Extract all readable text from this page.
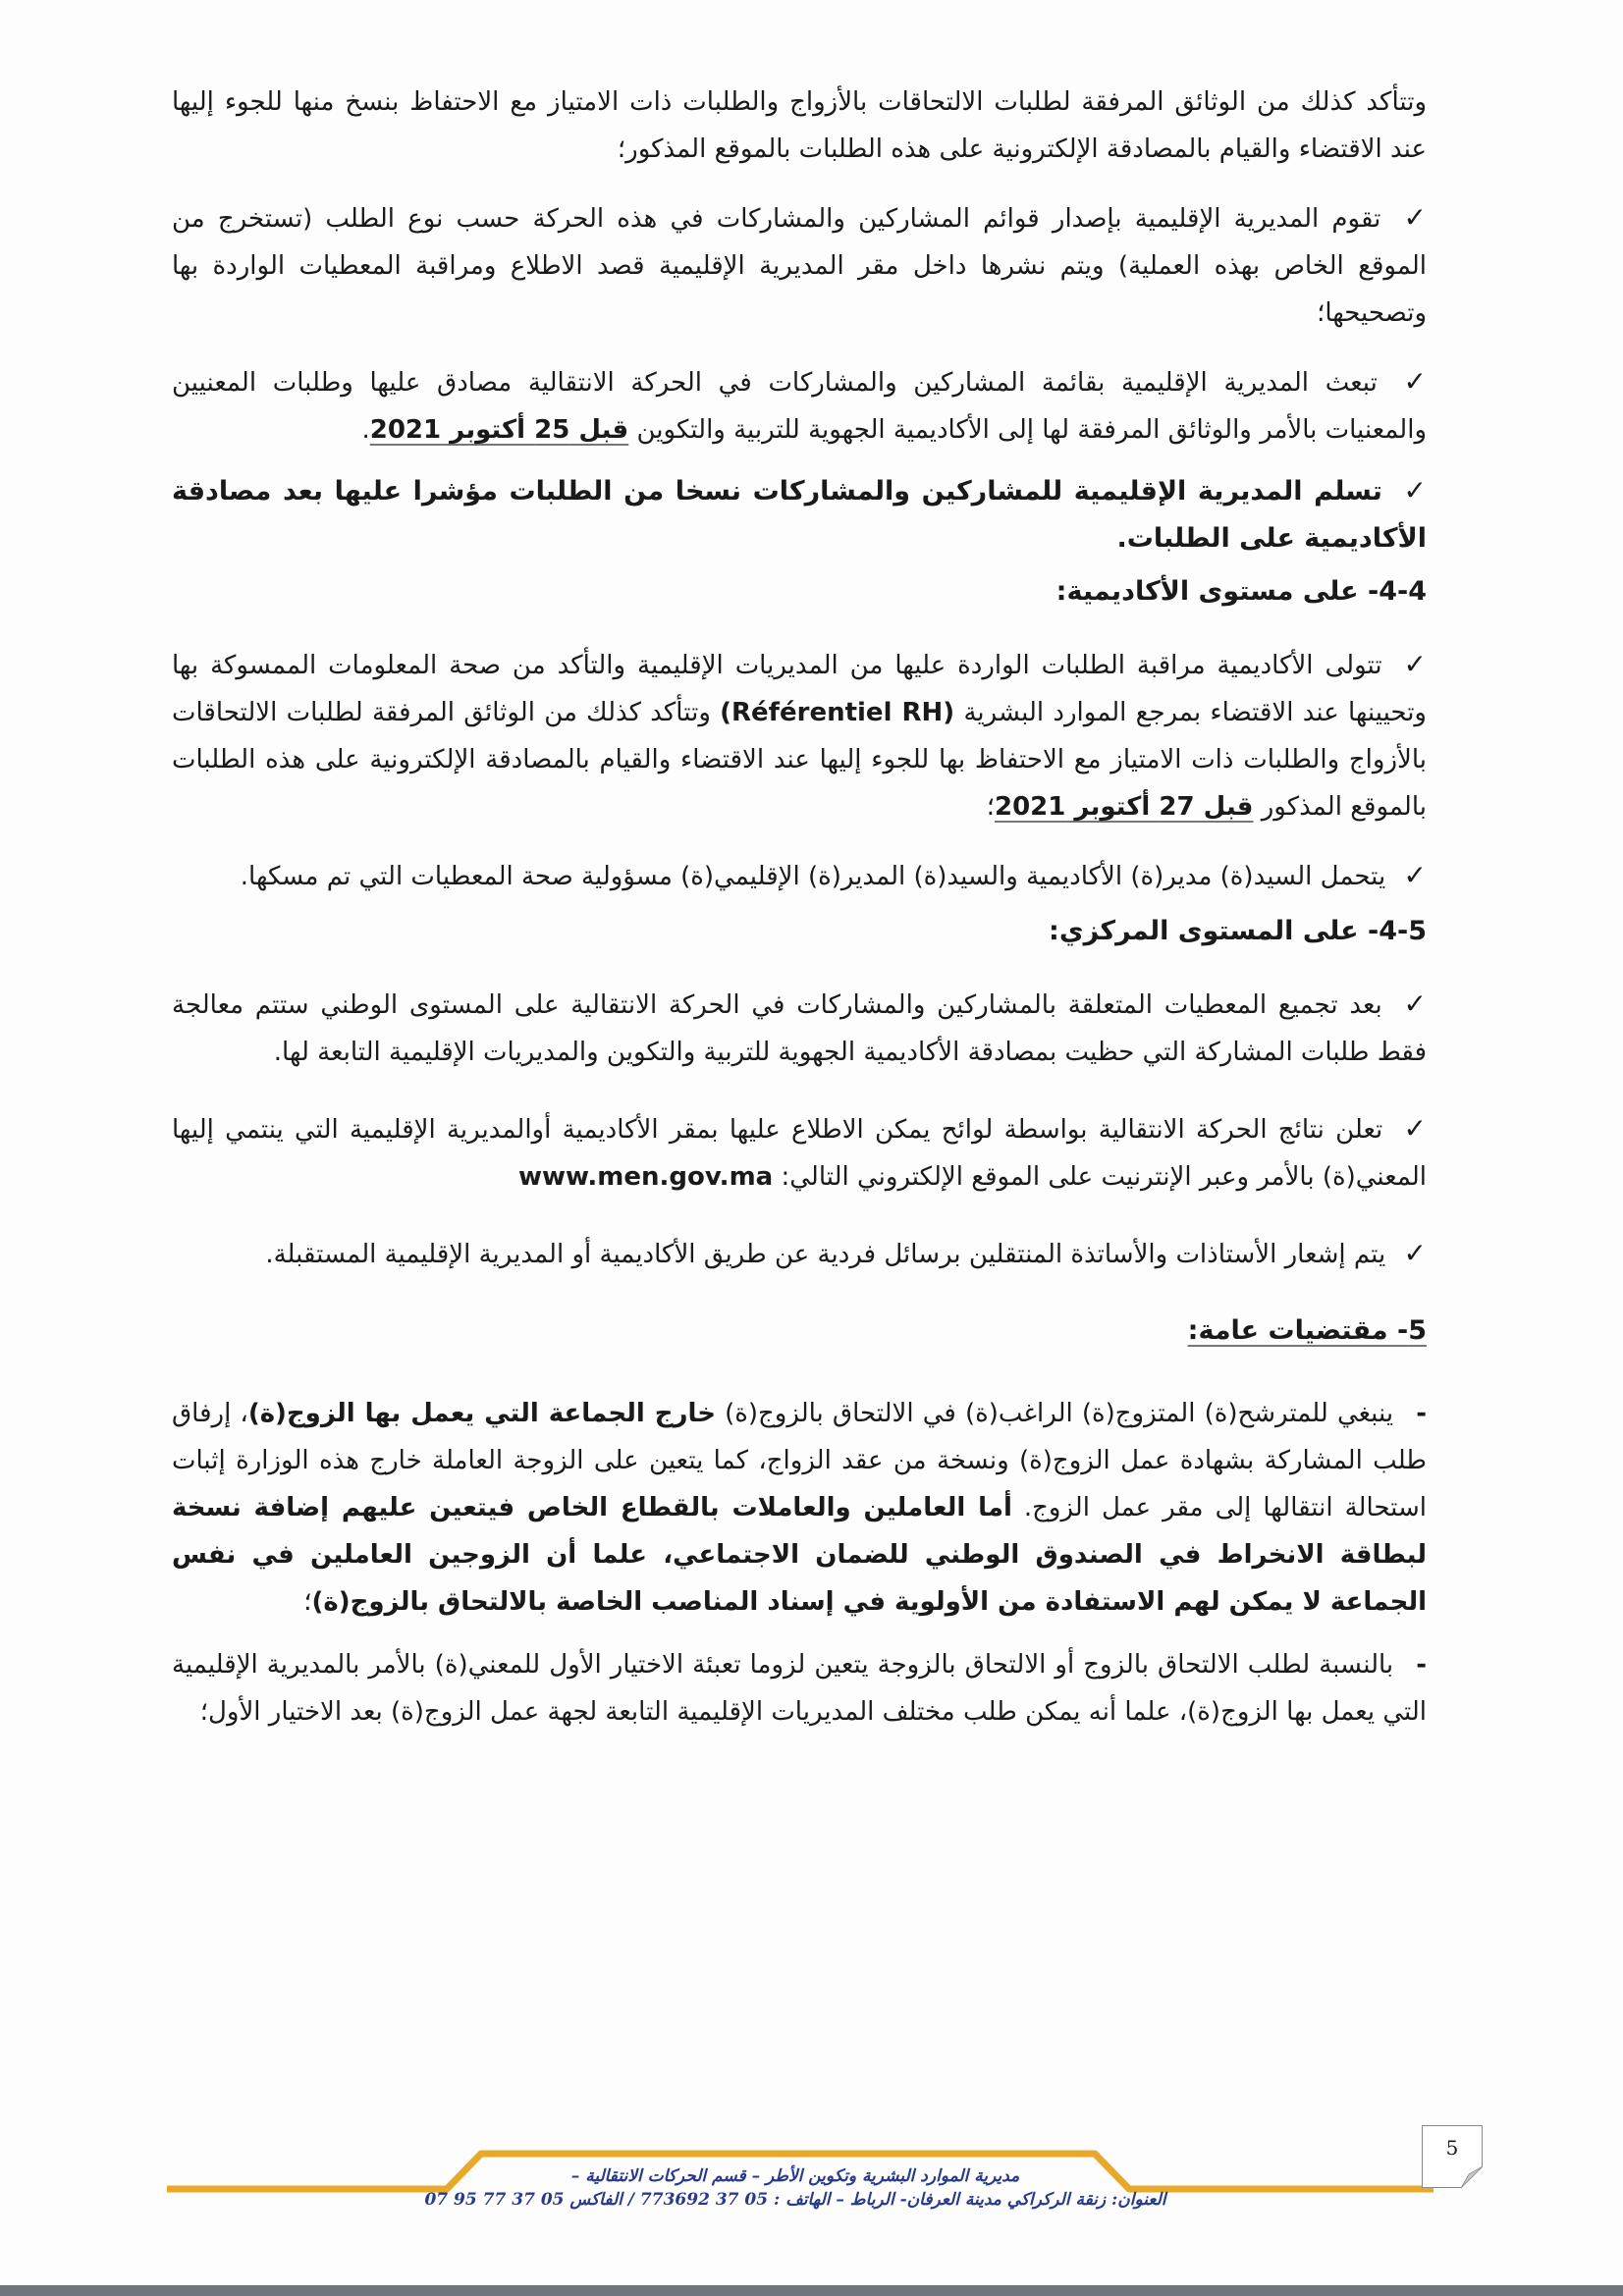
وتتأكد كذلك من الوثائق المرفقة لطلبات الالتحاقات بالأزواج والطلبات ذات الامتياز مع الاحتفاظ بنسخ منها للجوء إليها عند الاقتضاء والقيام بالمصادقة الإلكترونية على هذه الطلبات بالموقع المذكور؛

✓ تقوم المديرية الإقليمية بإصدار قوائم المشاركين والمشاركات في هذه الحركة حسب نوع الطلب (تستخرج من الموقع الخاص بهذه العملية) ويتم نشرها داخل مقر المديرية الإقليمية قصد الاطلاع ومراقبة المعطيات الواردة بها وتصحيحها؛
✓ تبعث المديرية الإقليمية بقائمة المشاركين والمشاركات في الحركة الانتقالية مصادق عليها وطلبات المعنيين والمعنيات بالأمر والوثائق المرفقة لها إلى الأكاديمية الجهوية للتربية والتكوين قبل 25 أكتوبر 2021.
✓ تسلم المديرية الإقليمية للمشاركين والمشاركات نسخا من الطلبات مؤشرا عليها بعد مصادقة الأكاديمية على الطلبات.

4-4- على مستوى الأكاديمية:

✓ تتولى الأكاديمية مراقبة الطلبات الواردة عليها من المديريات الإقليمية والتأكد من صحة المعلومات الممسوكة بها وتحيينها عند الاقتضاء بمرجع الموارد البشرية (Référentiel RH) وتتأكد كذلك من الوثائق المرفقة لطلبات الالتحاقات بالأزواج والطلبات ذات الامتياز مع الاحتفاظ بها للجوء إليها عند الاقتضاء والقيام بالمصادقة الإلكترونية على هذه الطلبات بالموقع المذكور قبل 27 أكتوبر 2021؛
✓ يتحمل السيد(ة) مدير(ة) الأكاديمية والسيد(ة) المدير(ة) الإقليمي(ة) مسؤولية صحة المعطيات التي تم مسكها.

4-5- على المستوى المركزي:

✓ بعد تجميع المعطيات المتعلقة بالمشاركين والمشاركات في الحركة الانتقالية على المستوى الوطني ستتم معالجة فقط طلبات المشاركة التي حظيت بمصادقة الأكاديمية الجهوية للتربية والتكوين والمديريات الإقليمية التابعة لها.
✓ تعلن نتائج الحركة الانتقالية بواسطة لوائح يمكن الاطلاع عليها بمقر الأكاديمية أوالمديرية الإقليمية التي ينتمي إليها المعني(ة) بالأمر وعبر الإنترنيت على الموقع الإلكتروني التالي: www.men.gov.ma
✓ يتم إشعار الأستاذات والأساتذة المنتقلين برسائل فردية عن طريق الأكاديمية أو المديرية الإقليمية المستقبلة.

5- مقتضيات عامة:

- ينبغي للمترشح(ة) المتزوج(ة) الراغب(ة) في الالتحاق بالزوج(ة) خارج الجماعة التي يعمل بها الزوج(ة)، إرفاق طلب المشاركة بشهادة عمل الزوج(ة) ونسخة من عقد الزواج، كما يتعين على الزوجة العاملة خارج هذه الوزارة إثبات استحالة انتقالها إلى مقر عمل الزوج. أما العاملين والعاملات بالقطاع الخاص فيتعين عليهم إضافة نسخة لبطاقة الانخراط في الصندوق الوطني للضمان الاجتماعي، علما أن الزوجين العاملين في نفس الجماعة لا يمكن لهم الاستفادة من الأولوية في إسناد المناصب الخاصة بالالتحاق بالزوج(ة)؛
- بالنسبة لطلب الالتحاق بالزوج أو الالتحاق بالزوجة يتعين لزوما تعبئة الاختيار الأول للمعني(ة) بالأمر بالمديرية الإقليمية التي يعمل بها الزوج(ة)، علما أنه يمكن طلب مختلف المديريات الإقليمية التابعة لجهة عمل الزوج(ة) بعد الاختيار الأول؛
مديرية الموارد البشرية وتكوين الأطر – قسم الحركات الانتقالية –
العنوان: زنقة الركراكي مدينة العرفان- الرباط – الهاتف : 05 37 773692 / الفاكس 05 37 77 95 07
5
